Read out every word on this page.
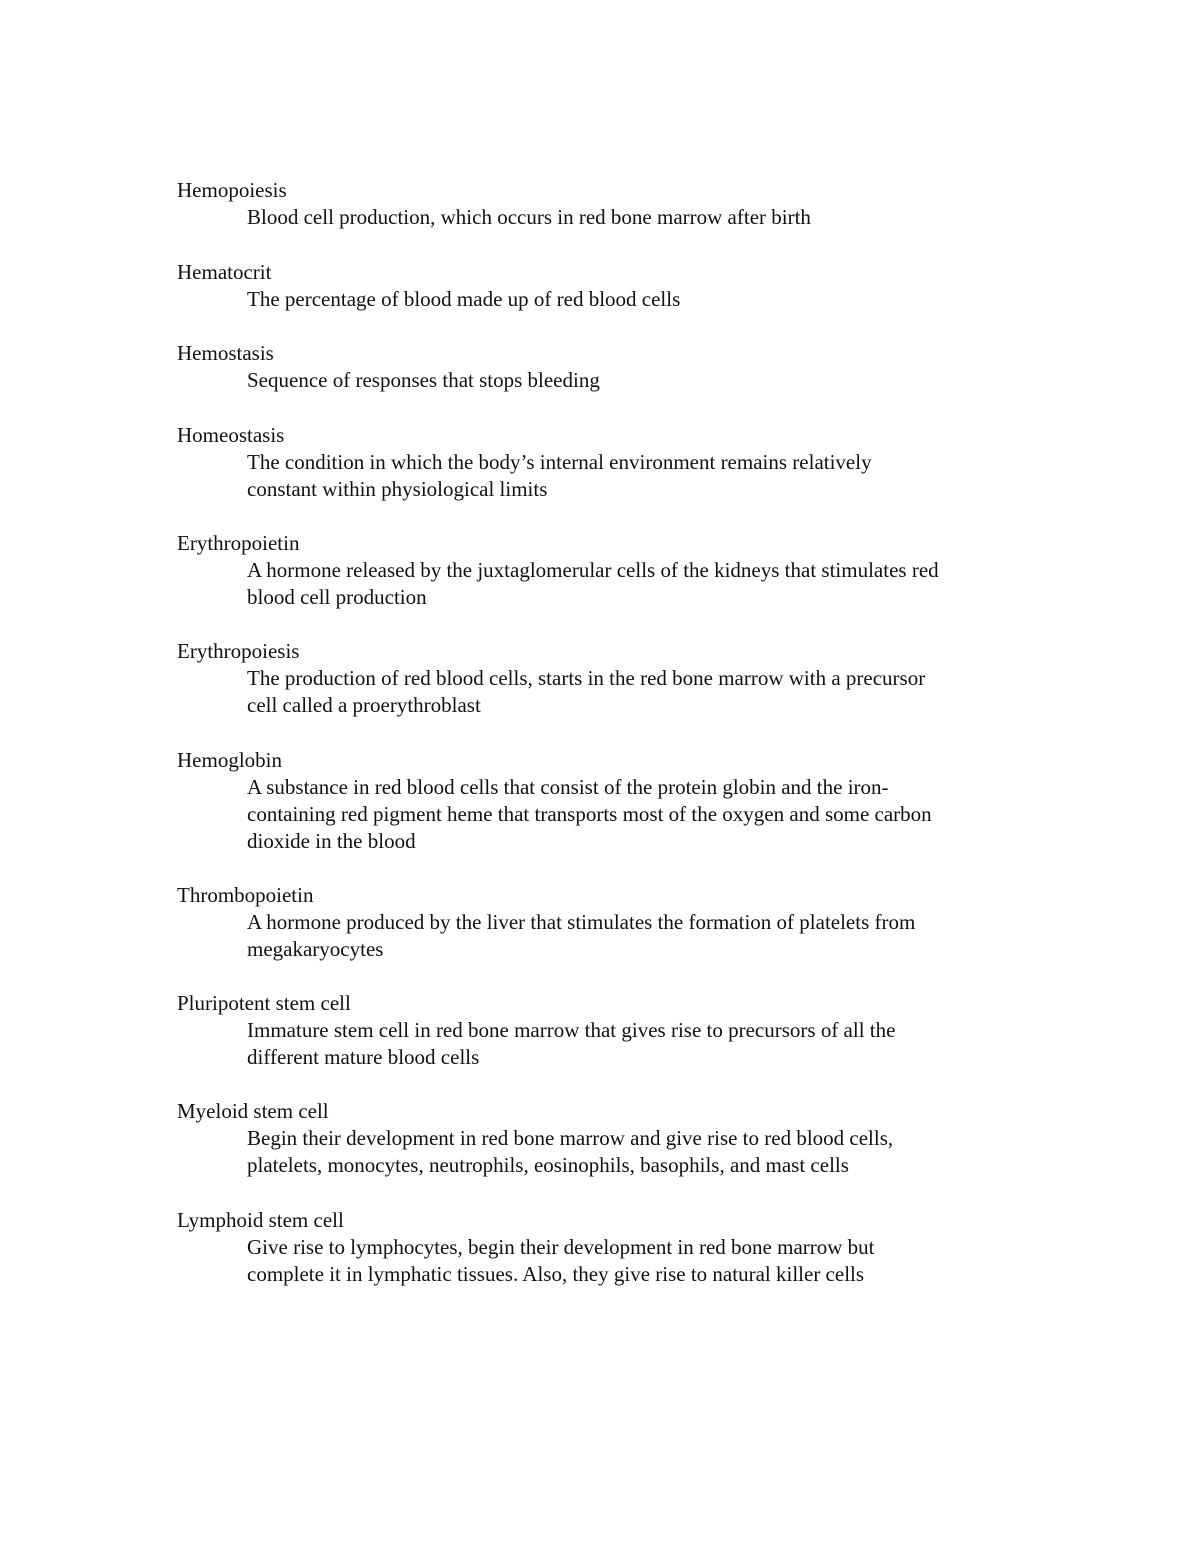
Hemopoiesis

Blood cell production, which occurs in red bone marrow after birth

Hematocrit

The percentage of blood made up of red blood cells

Hemostasis

Sequence of responses that stops bleeding

Homeostasis

The condition in which the body’s internal environment remains relatively
constant within physiological limits

Erythropoietin

A hormone released by the juxtaglomerular cells of the kidneys that stimulates red
blood cell production

Erythropoiesis

The production of red blood cells, starts in the red bone marrow with a precursor
cell called a proerythroblast

Hemoglobin

A substance in red blood cells that consist of the protein globin and the iron-
containing red pigment heme that transports most of the oxygen and some carbon
dioxide in the blood

Thrombopoietin

A hormone produced by the liver that stimulates the formation of platelets from
megakaryocytes

Pluripotent stem cell

Immature stem cell in red bone marrow that gives rise to precursors of all the
different mature blood cells

Myeloid stem cell

Begin their development in red bone marrow and give rise to red blood cells,
platelets, monocytes, neutrophils, eosinophils, basophils, and mast cells

Lymphoid stem cell

Give rise to lymphocytes, begin their development in red bone marrow but
complete it in lymphatic tissues. Also, they give rise to natural killer cells
